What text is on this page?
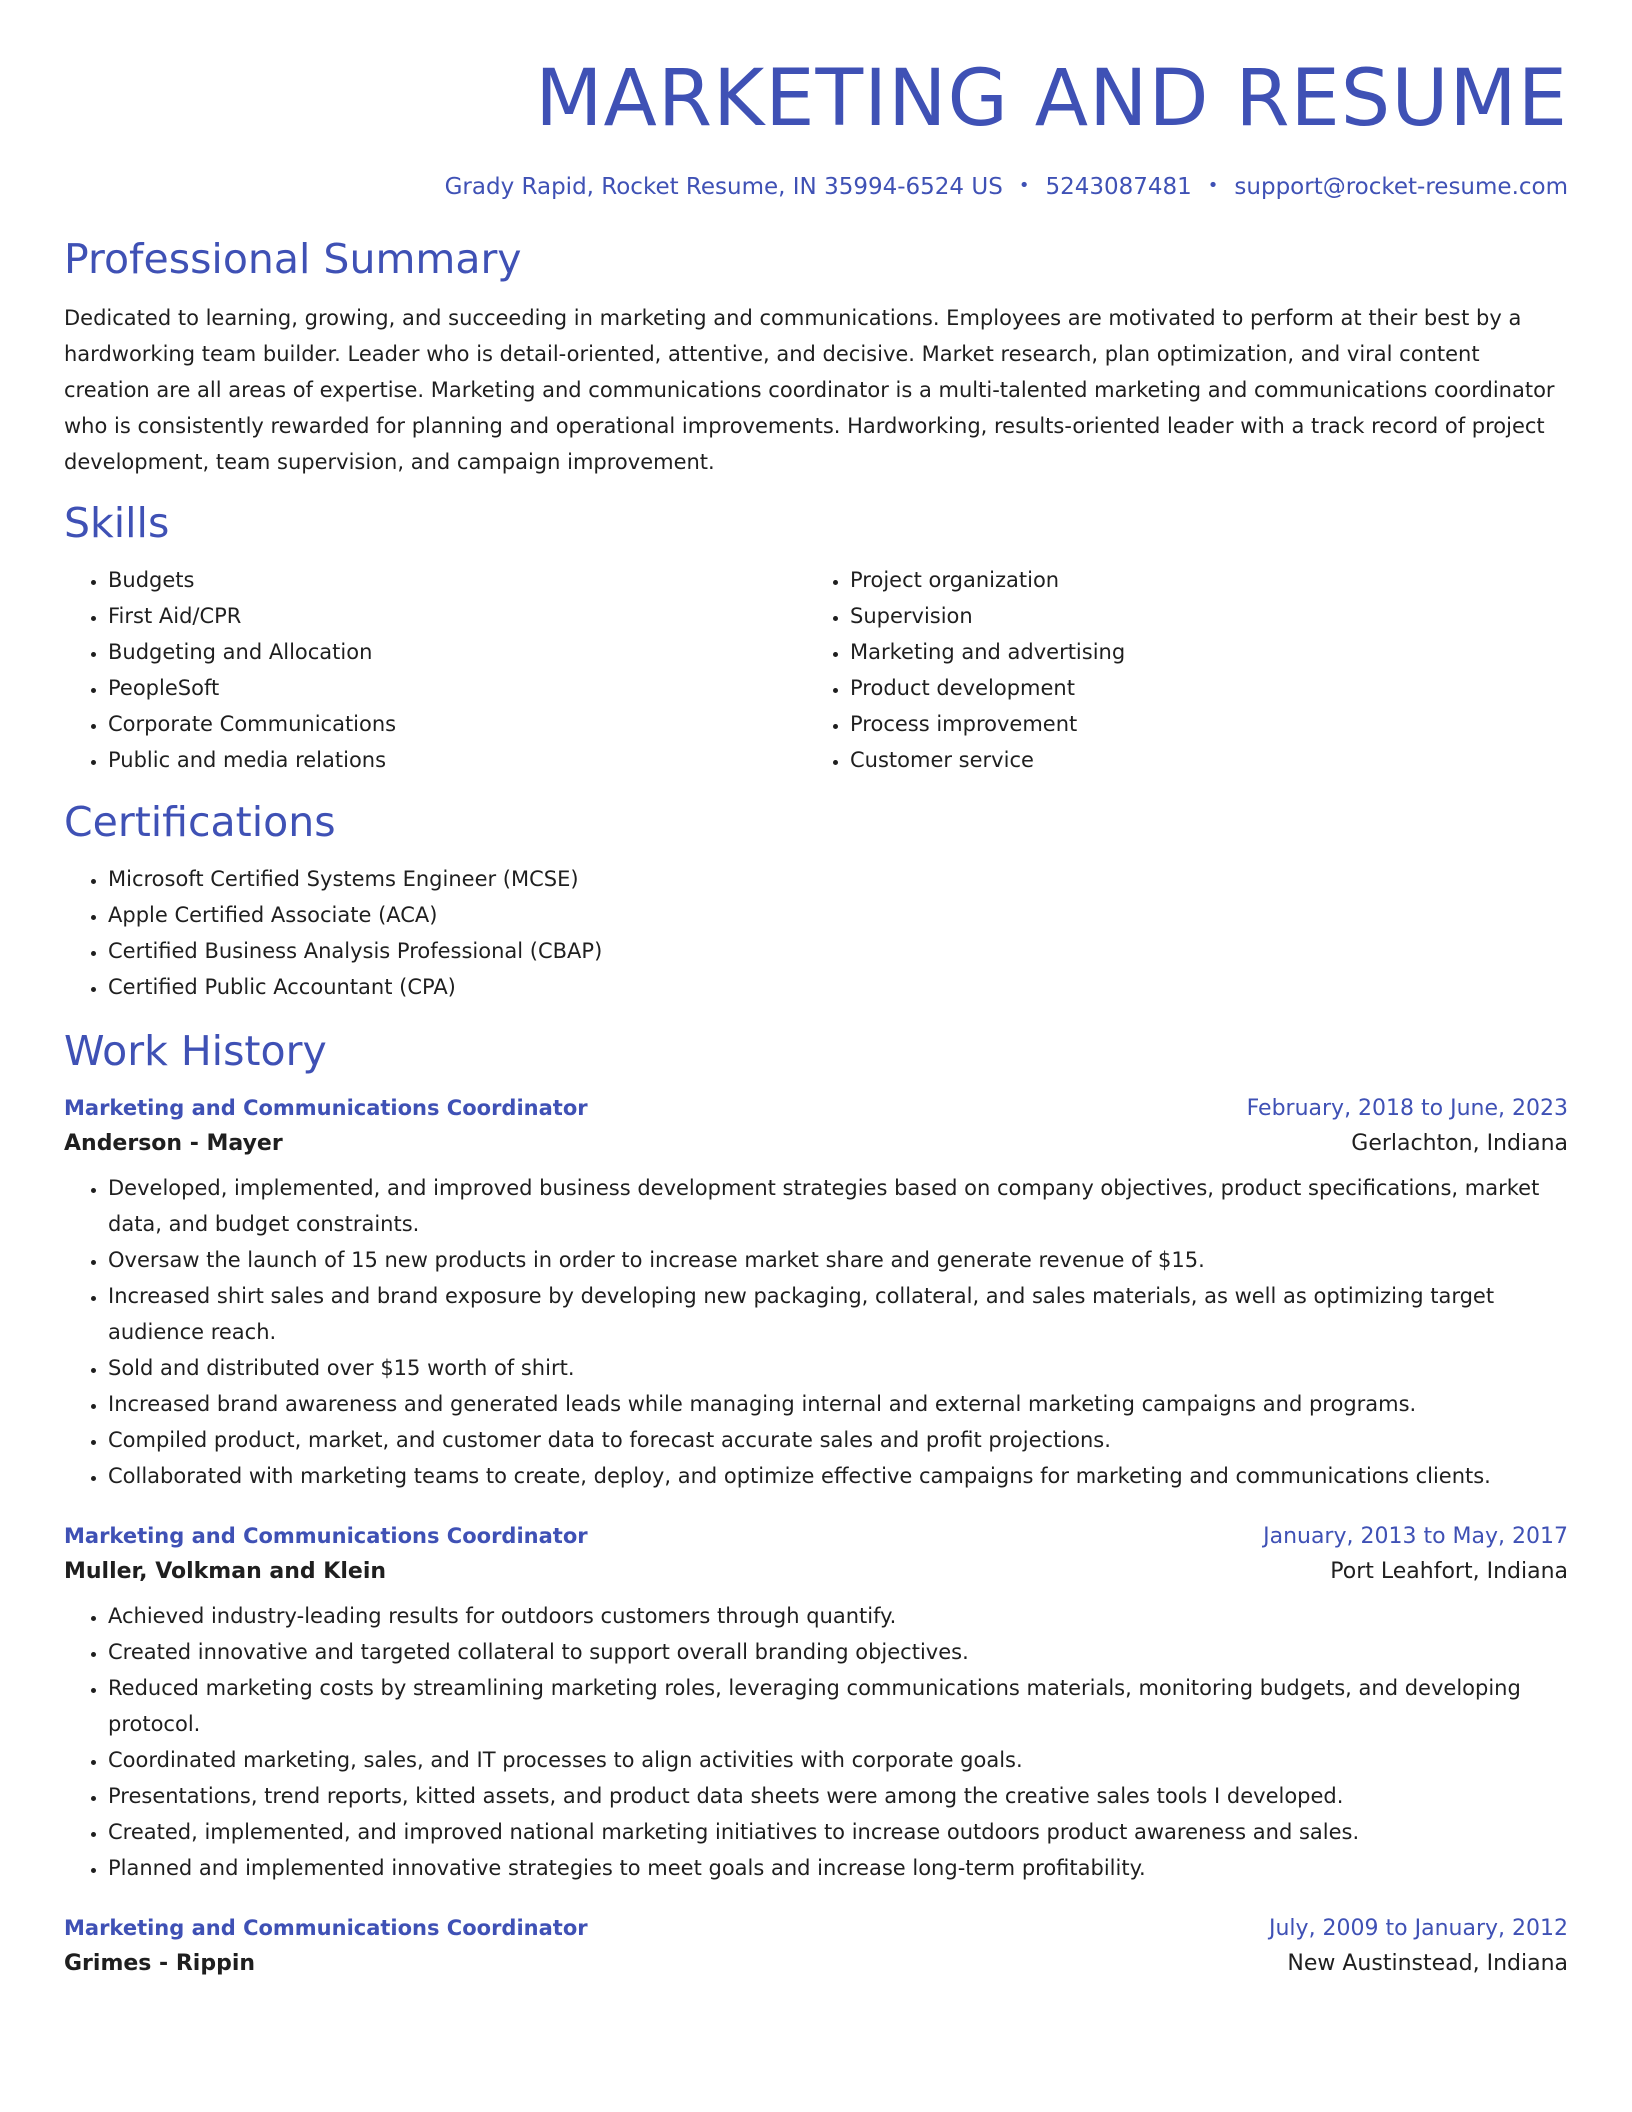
MARKETING AND RESUME
Grady Rapid, Rocket Resume, IN 35994-6524 US • 5243087481 • support@rocket-resume.com
Professional Summary

Dedicated to learning, growing, and succeeding in marketing and communications. Employees are motivated to perform at their best by a hardworking team builder. Leader who is detail-oriented, attentive, and decisive. Market research, plan optimization, and viral content creation are all areas of expertise. Marketing and communications coordinator is a multi-talented marketing and communications coordinator who is consistently rewarded for planning and operational improvements. Hardworking, results-oriented leader with a track record of project development, team supervision, and campaign improvement.

Skills
• Budgets
• First Aid/CPR
• Budgeting and Allocation
• PeopleSoft
• Corporate Communications
• Public and media relations
• Project organization
• Supervision
• Marketing and advertising
• Product development
• Process improvement
• Customer service
Certifications
• Microsoft Certified Systems Engineer (MCSE)
• Apple Certified Associate (ACA)
• Certified Business Analysis Professional (CBAP)
• Certified Public Accountant (CPA)
Work History
Marketing and Communications Coordinator	February, 2018 to June, 2023
Anderson - Mayer	Gerlachton, Indiana
• Developed, implemented, and improved business development strategies based on company objectives, product specifications, market data, and budget constraints.
• Oversaw the launch of 15 new products in order to increase market share and generate revenue of $15.
• Increased shirt sales and brand exposure by developing new packaging, collateral, and sales materials, as well as optimizing target audience reach.
• Sold and distributed over $15 worth of shirt.
• Increased brand awareness and generated leads while managing internal and external marketing campaigns and programs.
• Compiled product, market, and customer data to forecast accurate sales and profit projections.
• Collaborated with marketing teams to create, deploy, and optimize effective campaigns for marketing and communications clients.
Marketing and Communications Coordinator	January, 2013 to May, 2017
Muller, Volkman and Klein	Port Leahfort, Indiana
• Achieved industry-leading results for outdoors customers through quantify.
• Created innovative and targeted collateral to support overall branding objectives.
• Reduced marketing costs by streamlining marketing roles, leveraging communications materials, monitoring budgets, and developing protocol.
• Coordinated marketing, sales, and IT processes to align activities with corporate goals.
• Presentations, trend reports, kitted assets, and product data sheets were among the creative sales tools I developed.
• Created, implemented, and improved national marketing initiatives to increase outdoors product awareness and sales.
• Planned and implemented innovative strategies to meet goals and increase long-term profitability.
Marketing and Communications Coordinator	July, 2009 to January, 2012
Grimes - Rippin	New Austinstead, Indiana
